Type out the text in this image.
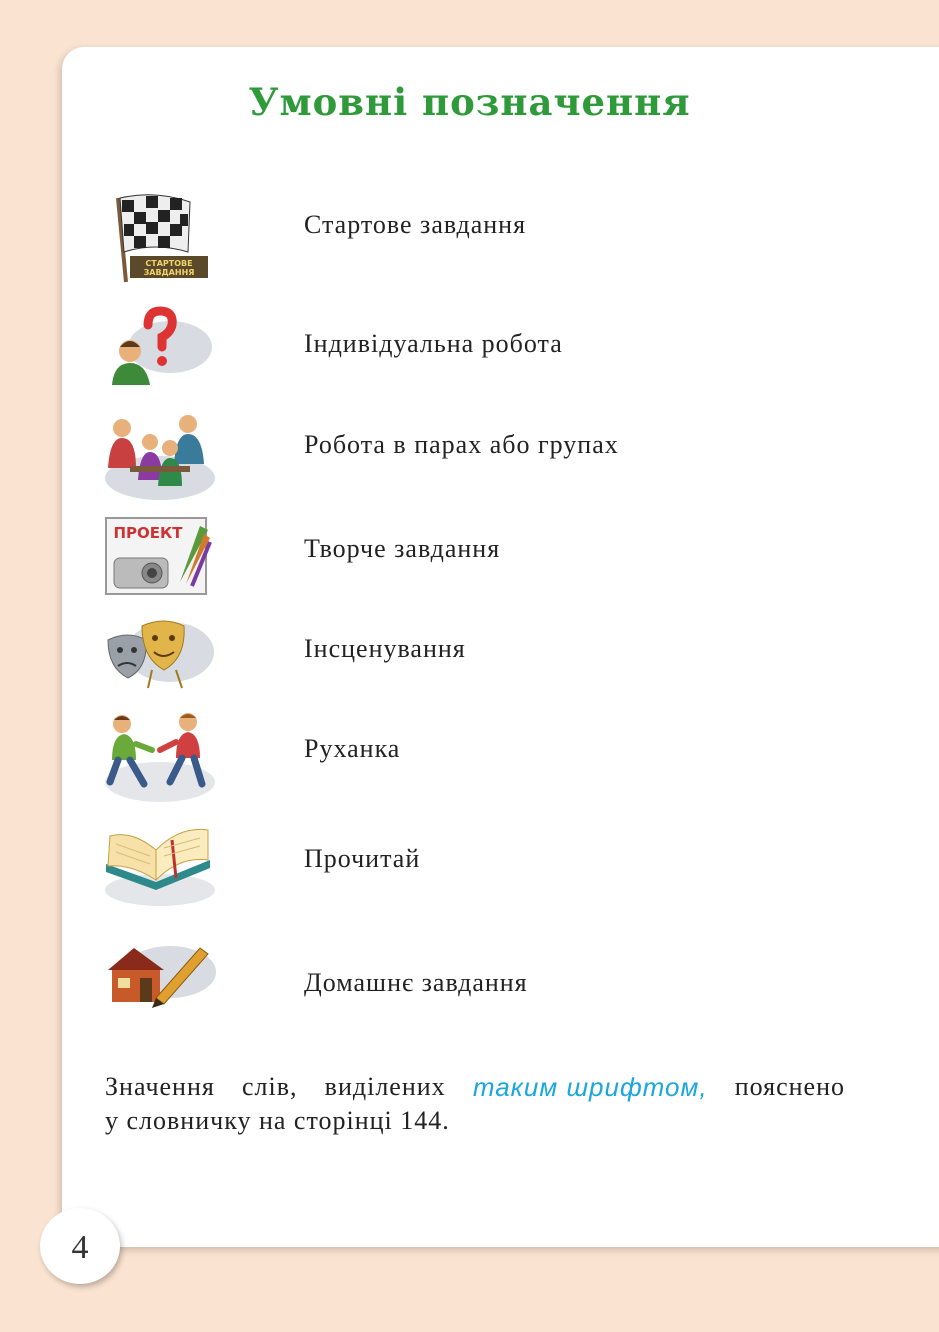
Умовні позначення
СТАРТОВЕ
ЗАВДАННЯ
Стартове завдання
Індивідуальна робота
Робота в парах або групах
ПРОЕКТ
Творче завдання
Інсценування
Руханка
Прочитай
Домашнє завдання
Значення слів, виділених таким шрифтом, пояснено
у словничку на сторінці 144.
4
